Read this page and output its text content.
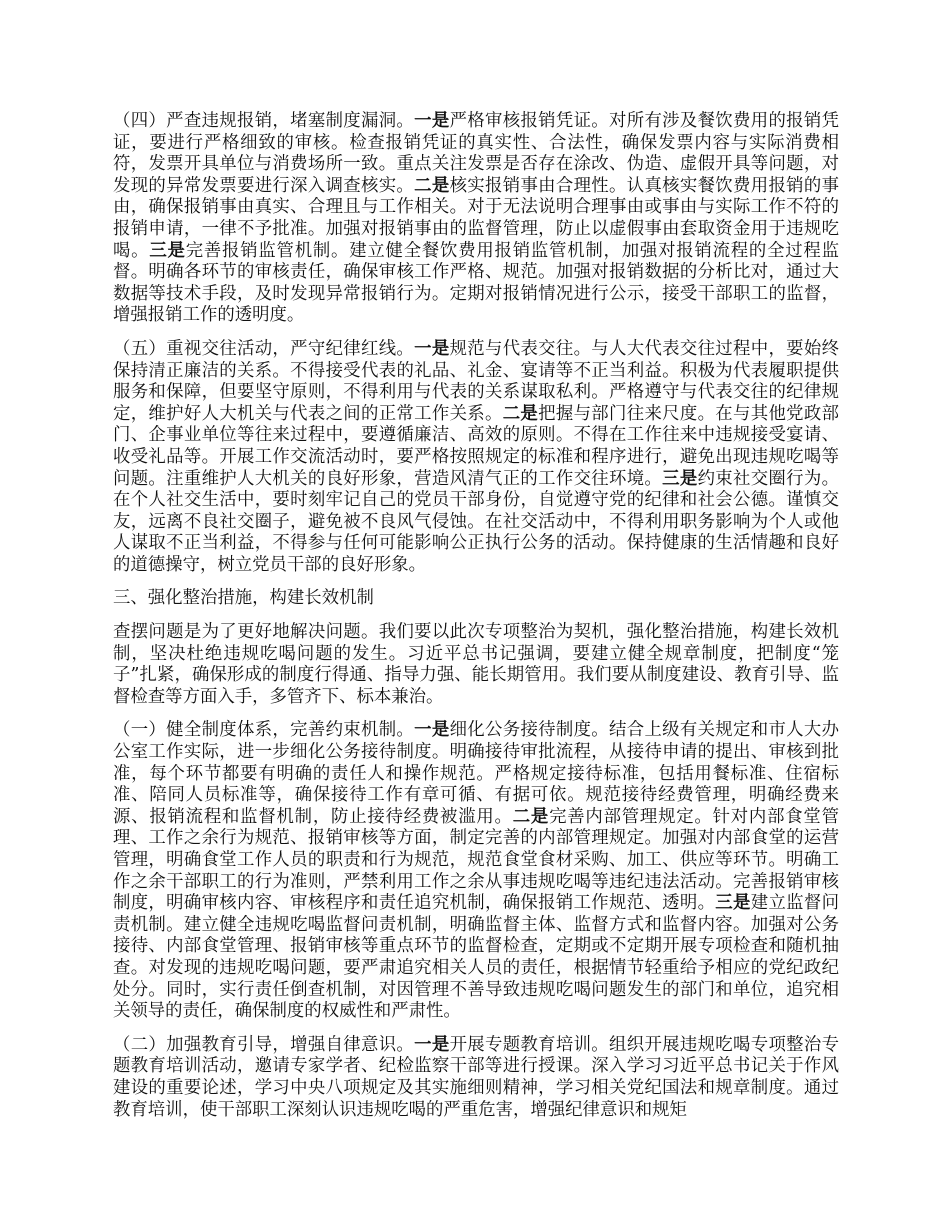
（四）严查违规报销，堵塞制度漏洞。一是严格审核报销凭证。对所有涉及餐饮费用的报销凭证，要进行严格细致的审核。检查报销凭证的真实性、合法性，确保发票内容与实际消费相符，发票开具单位与消费场所一致。重点关注发票是否存在涂改、伪造、虚假开具等问题，对发现的异常发票要进行深入调查核实。二是核实报销事由合理性。认真核实餐饮费用报销的事由，确保报销事由真实、合理且与工作相关。对于无法说明合理事由或事由与实际工作不符的报销申请，一律不予批准。加强对报销事由的监督管理，防止以虚假事由套取资金用于违规吃喝。三是完善报销监管机制。建立健全餐饮费用报销监管机制，加强对报销流程的全过程监督。明确各环节的审核责任，确保审核工作严格、规范。加强对报销数据的分析比对，通过大数据等技术手段，及时发现异常报销行为。定期对报销情况进行公示，接受干部职工的监督，增强报销工作的透明度。

（五）重视交往活动，严守纪律红线。一是规范与代表交往。与人大代表交往过程中，要始终保持清正廉洁的关系。不得接受代表的礼品、礼金、宴请等不正当利益。积极为代表履职提供服务和保障，但要坚守原则，不得利用与代表的关系谋取私利。严格遵守与代表交往的纪律规定，维护好人大机关与代表之间的正常工作关系。二是把握与部门往来尺度。在与其他党政部门、企事业单位等往来过程中，要遵循廉洁、高效的原则。不得在工作往来中违规接受宴请、收受礼品等。开展工作交流活动时，要严格按照规定的标准和程序进行，避免出现违规吃喝等问题。注重维护人大机关的良好形象，营造风清气正的工作交往环境。三是约束社交圈行为。在个人社交生活中，要时刻牢记自己的党员干部身份，自觉遵守党的纪律和社会公德。谨慎交友，远离不良社交圈子，避免被不良风气侵蚀。在社交活动中，不得利用职务影响为个人或他人谋取不正当利益，不得参与任何可能影响公正执行公务的活动。保持健康的生活情趣和良好的道德操守，树立党员干部的良好形象。

三、强化整治措施，构建长效机制

查摆问题是为了更好地解决问题。我们要以此次专项整治为契机，强化整治措施，构建长效机制，坚决杜绝违规吃喝问题的发生。习近平总书记强调，要建立健全规章制度，把制度“笼子”扎紧，确保形成的制度行得通、指导力强、能长期管用。我们要从制度建设、教育引导、监督检查等方面入手，多管齐下、标本兼治。

（一）健全制度体系，完善约束机制。一是细化公务接待制度。结合上级有关规定和市人大办公室工作实际，进一步细化公务接待制度。明确接待审批流程，从接待申请的提出、审核到批准，每个环节都要有明确的责任人和操作规范。严格规定接待标准，包括用餐标准、住宿标准、陪同人员标准等，确保接待工作有章可循、有据可依。规范接待经费管理，明确经费来源、报销流程和监督机制，防止接待经费被滥用。二是完善内部管理规定。针对内部食堂管理、工作之余行为规范、报销审核等方面，制定完善的内部管理规定。加强对内部食堂的运营管理，明确食堂工作人员的职责和行为规范，规范食堂食材采购、加工、供应等环节。明确工作之余干部职工的行为准则，严禁利用工作之余从事违规吃喝等违纪违法活动。完善报销审核制度，明确审核内容、审核程序和责任追究机制，确保报销工作规范、透明。三是建立监督问责机制。建立健全违规吃喝监督问责机制，明确监督主体、监督方式和监督内容。加强对公务接待、内部食堂管理、报销审核等重点环节的监督检查，定期或不定期开展专项检查和随机抽查。对发现的违规吃喝问题，要严肃追究相关人员的责任，根据情节轻重给予相应的党纪政纪处分。同时，实行责任倒查机制，对因管理不善导致违规吃喝问题发生的部门和单位，追究相关领导的责任，确保制度的权威性和严肃性。

（二）加强教育引导，增强自律意识。一是开展专题教育培训。组织开展违规吃喝专项整治专题教育培训活动，邀请专家学者、纪检监察干部等进行授课。深入学习习近平总书记关于作风建设的重要论述，学习中央八项规定及其实施细则精神，学习相关党纪国法和规章制度。通过教育培训，使干部职工深刻认识违规吃喝的严重危害，增强纪律意识和规矩
